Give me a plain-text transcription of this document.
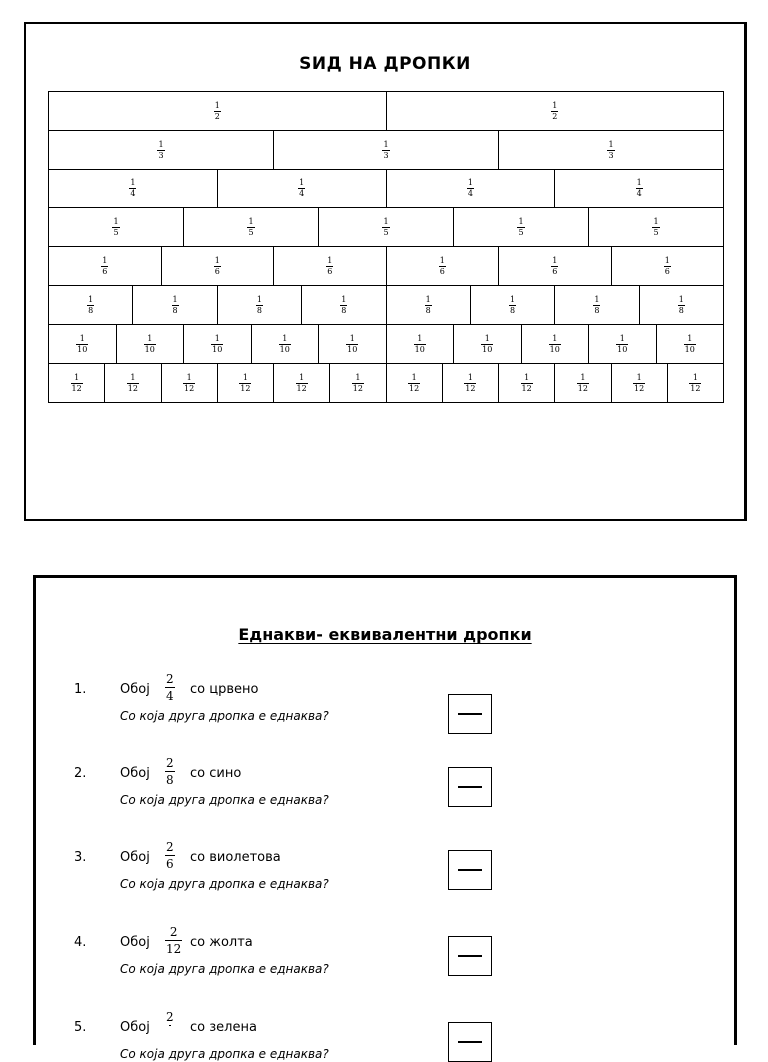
ЅИД НА ДРОПКИ
$\frac{1}{2}$	$\frac{1}{2}$
$\frac{1}{3}$	$\frac{1}{3}$	$\frac{1}{3}$
$\frac{1}{4}$	$\frac{1}{4}$	$\frac{1}{4}$	$\frac{1}{4}$
$\frac{1}{5}$	$\frac{1}{5}$	$\frac{1}{5}$	$\frac{1}{5}$	$\frac{1}{5}$
$\frac{1}{6}$	$\frac{1}{6}$	$\frac{1}{6}$	$\frac{1}{6}$	$\frac{1}{6}$	$\frac{1}{6}$
$\frac{1}{8}$	$\frac{1}{8}$	$\frac{1}{8}$	$\frac{1}{8}$	$\frac{1}{8}$	$\frac{1}{8}$	$\frac{1}{8}$	$\frac{1}{8}$
$\frac{1}{10}$	$\frac{1}{10}$	$\frac{1}{10}$	$\frac{1}{10}$	$\frac{1}{10}$	$\frac{1}{10}$	$\frac{1}{10}$	$\frac{1}{10}$	$\frac{1}{10}$	$\frac{1}{10}$
$\frac{1}{12}$	$\frac{1}{12}$	$\frac{1}{12}$	$\frac{1}{12}$	$\frac{1}{12}$	$\frac{1}{12}$	$\frac{1}{12}$	$\frac{1}{12}$	$\frac{1}{12}$	$\frac{1}{12}$	$\frac{1}{12}$	$\frac{1}{12}$
Еднакви- еквивалентни дропки
1.	Обој $\frac{2}{4}$ со црвено
Со која друга дропка е еднаква?
2.	Обој $\frac{2}{8}$ со сино
Со која друга дропка е еднаква?
3.	Обој $\frac{2}{6}$ со виолетова
Со која друга дропка е еднаква?
4.	Обој $\frac{2}{12}$ со жолта
Со која друга дропка е еднаква?
5.	Обој
2
со зелена
Со која друга дропка е еднаква?
